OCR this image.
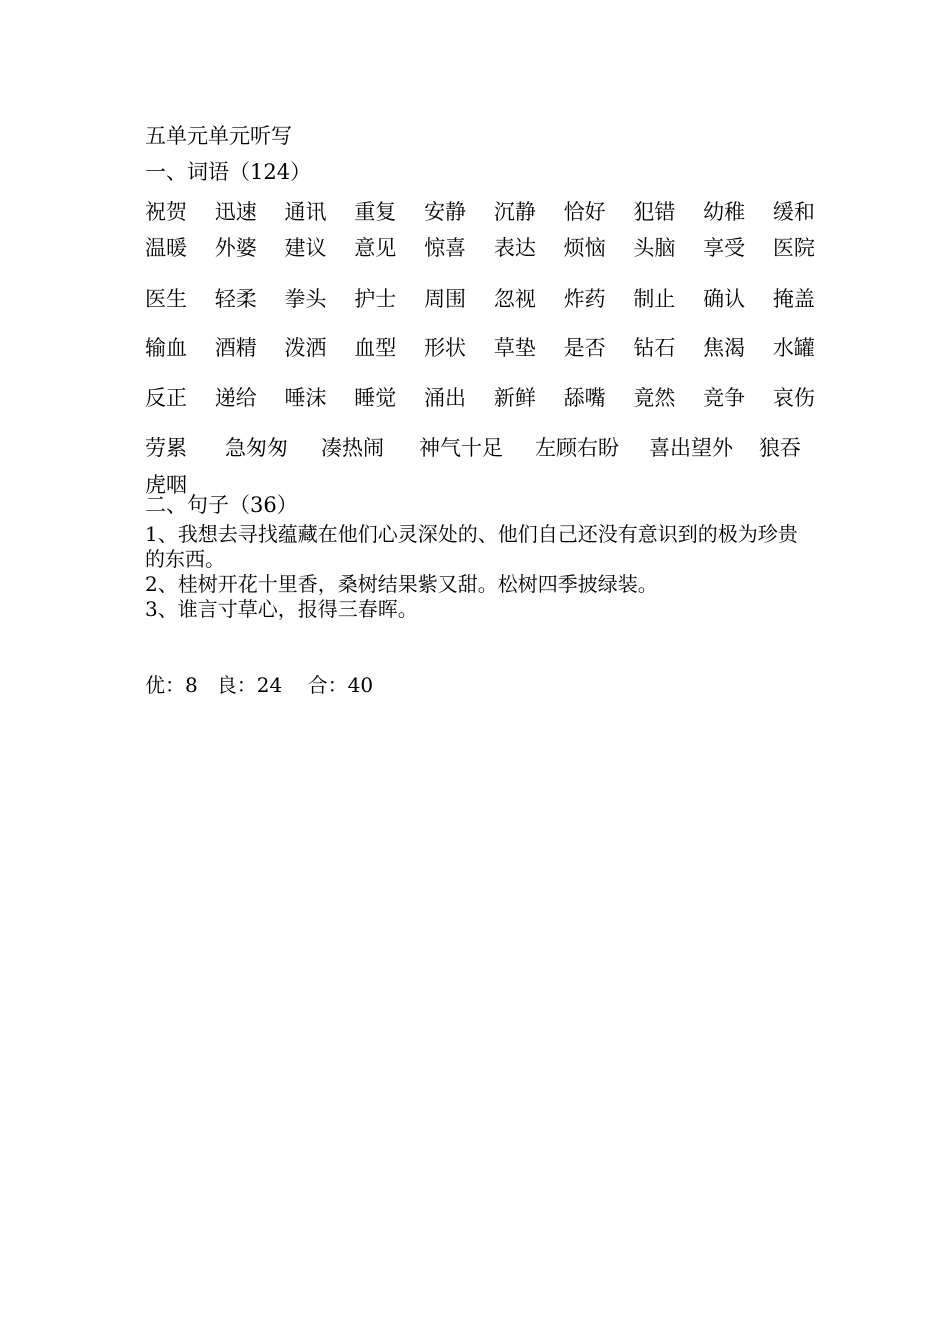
五单元单元听写
一、词语（124）
祝贺 迅速 通讯 重复 安静 沉静 恰好 犯错 幼稚 缓和
温暖 外婆 建议 意见 惊喜 表达 烦恼 头脑 享受 医院
医生 轻柔 拳头 护士 周围 忽视 炸药 制止 确认 掩盖
输血 酒精 泼洒 血型 形状 草垫 是否 钻石 焦渴 水罐
反正 递给 唾沫 睡觉 涌出 新鲜 舔嘴 竟然 竞争 哀伤
劳累 急匆匆 凑热闹 神气十足 左顾右盼 喜出望外 狼吞
虎咽
二、句子（36）
1、我想去寻找蕴藏在他们心灵深处的、他们自己还没有意识到的极为珍贵的东西。
2、桂树开花十里香，桑树结果紫又甜。松树四季披绿装。
3、谁言寸草心，报得三春晖。
优：8   良：24    合：40
